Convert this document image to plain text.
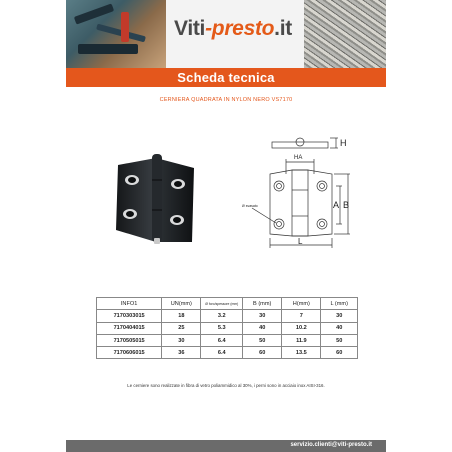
Viti-presto.it
Scheda tecnica
CERNIERA QUADRATA IN NYLON NERO VS7170
H
HA
A B
L
Ø svasato
INFO1	UN(mm)	Ø foro/spessore (mm)	B (mm)	H(mm)	L (mm)
7170303015	18	3.2	30	7	30
7170404015	25	5.3	40	10.2	40
7170505015	30	6.4	50	11.9	50
7170606015	36	6.4	60	13.5	60
Le cerniere sono realizzate in fibra di vetro poliammidico al 30%, i perni sono in acciaio inox AISI-316.
servizio.clienti@viti-presto.it
